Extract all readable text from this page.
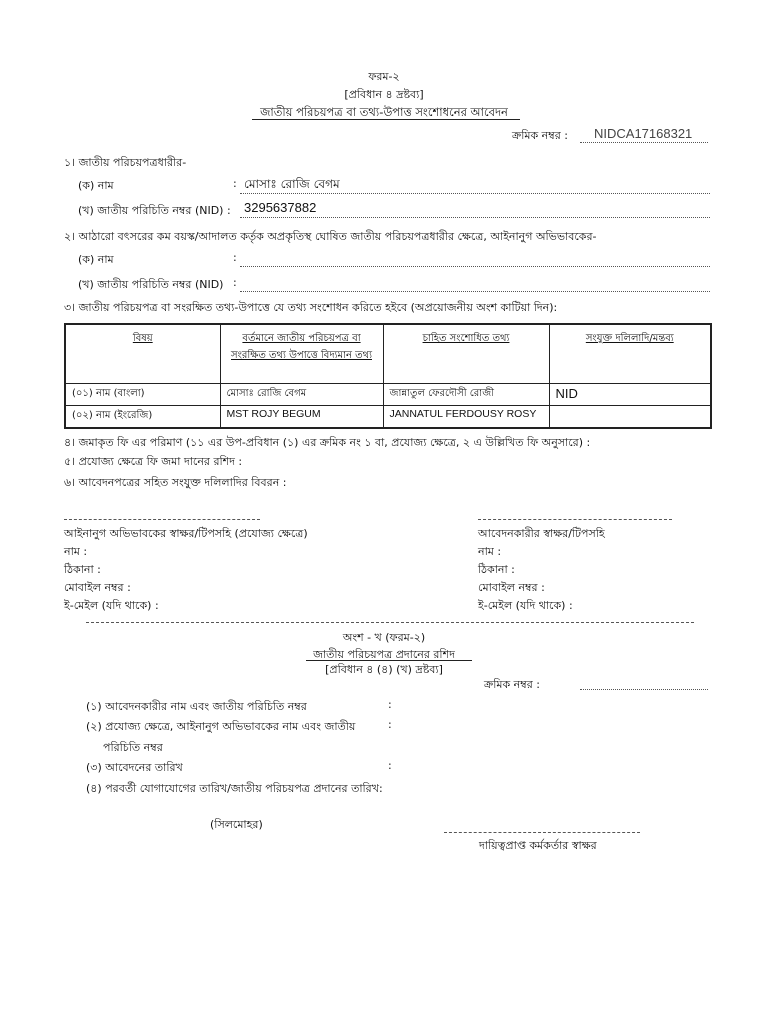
ফরম-২
[প্রবিধান ৪ দ্রষ্টব্য]
জাতীয় পরিচয়পত্র বা তথ্য-উপাত্ত সংশোধনের আবেদন
ক্রমিক নম্বর : NIDCA17168321
১। জাতীয় পরিচয়পত্রধারীর-
(ক) নাম	: মোসাঃ রোজি বেগম
(খ) জাতীয় পরিচিতি নম্বর (NID) : 3295637882
২। আঠারো বৎসরের কম বয়স্ক/আদালত কর্তৃক অপ্রকৃতিস্থ ঘোষিত জাতীয় পরিচয়পত্রধারীর ক্ষেত্রে, আইনানুগ অভিভাবকের-
(ক) নাম	:
(খ) জাতীয় পরিচিতি নম্বর (NID) :
৩। জাতীয় পরিচয়পত্র বা সংরক্ষিত তথ্য-উপাত্তে যে তথ্য সংশোধন করিতে হইবে (অপ্রয়োজনীয় অংশ কাটিয়া দিন):
বিষয়	বর্তমানে জাতীয় পরিচয়পত্র বা সংরক্ষিত তথ্য উপাত্তে বিদ্যমান তথ্য	চাহিত সংশোধিত তথ্য	সংযুক্ত দলিলাদি/মন্তব্য
(০১) নাম (বাংলা)	মোসাঃ রোজি বেগম	জান্নাতুল ফেরদৌসী রোজী	NID
(০২) নাম (ইংরেজি)	MST ROJY BEGUM	JANNATUL FERDOUSY ROSY	
৪। জমাকৃত ফি এর পরিমাণ (১১ এর উপ-প্রবিধান (১) এর ক্রমিক নং ১ বা, প্রযোজ্য ক্ষেত্রে, ২ এ উল্লিখিত ফি অনুসারে) :
৫। প্রযোজ্য ক্ষেত্রে ফি জমা দানের রশিদ :
৬। আবেদনপত্রের সহিত সংযুক্ত দলিলাদির বিবরন :
আইনানুগ অভিভাবকের স্বাক্ষর/টিপসহি (প্রযোজ্য ক্ষেত্রে)
নাম :
ঠিকানা :
মোবাইল নম্বর :
ই-মেইল (যদি থাকে) :
আবেদনকারীর স্বাক্ষর/টিপসহি
নাম :
ঠিকানা :
মোবাইল নম্বর :
ই-মেইল (যদি থাকে) :
অংশ - খ (ফরম-২)
জাতীয় পরিচয়পত্র প্রদানের রশিদ
[প্রবিধান ৪ (৪) (খ) দ্রষ্টব্য]
ক্রমিক নম্বর :
(১) আবেদনকারীর নাম এবং জাতীয় পরিচিতি নম্বর	:
(২) প্রযোজ্য ক্ষেত্রে, আইনানুগ অভিভাবকের নাম এবং জাতীয়	:
পরিচিতি নম্বর
(৩) আবেদনের তারিখ	:
(৪) পরবর্তী যোগাযোগের তারিখ/জাতীয় পরিচয়পত্র প্রদানের তারিখ:
(সিলমোহর)
দায়িত্বপ্রাপ্ত কর্মকর্তার স্বাক্ষর
